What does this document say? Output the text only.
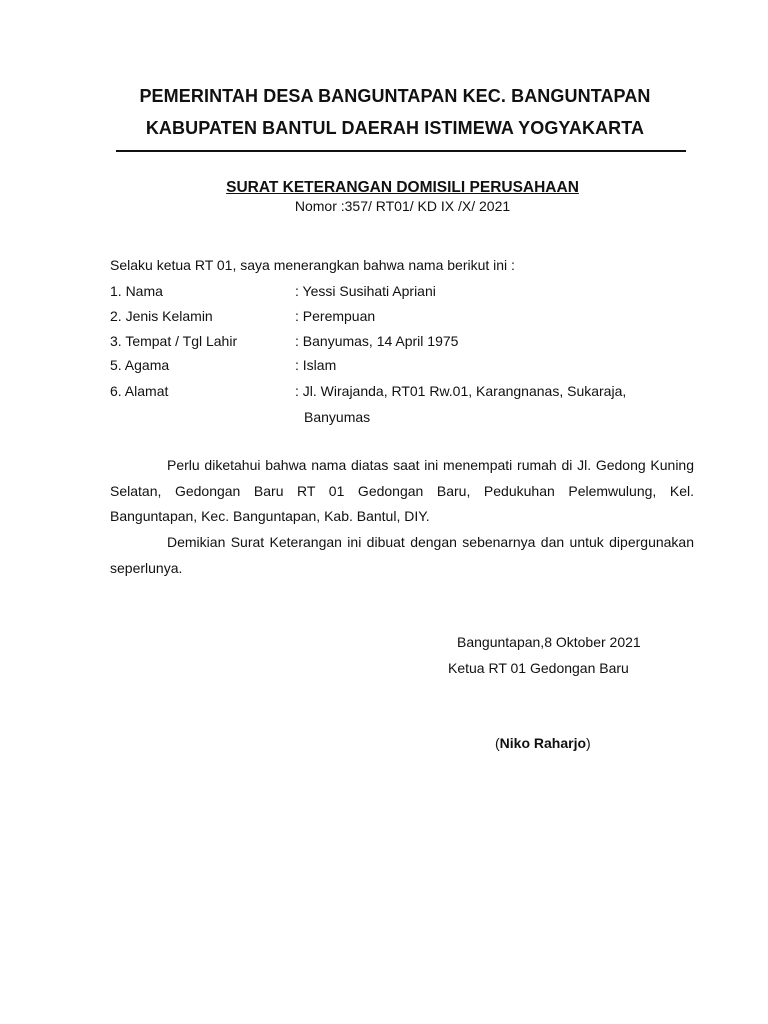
PEMERINTAH DESA BANGUNTAPAN KEC. BANGUNTAPAN
KABUPATEN BANTUL DAERAH ISTIMEWA YOGYAKARTA
SURAT KETERANGAN DOMISILI PERUSAHAAN
Nomor :357/ RT01/ KD IX /X/ 2021
Selaku ketua RT 01, saya menerangkan bahwa nama berikut ini :
1. Nama	: Yessi Susihati Apriani
2. Jenis Kelamin	: Perempuan
3. Tempat / Tgl Lahir	: Banyumas, 14 April 1975
5. Agama	: Islam
6. Alamat	: Jl. Wirajanda, RT01 Rw.01, Karangnanas, Sukaraja,
Banyumas
Perlu diketahui bahwa nama diatas saat ini menempati rumah di Jl. Gedong Kuning Selatan, Gedongan Baru RT 01 Gedongan Baru, Pedukuhan Pelemwulung, Kel. Banguntapan, Kec. Banguntapan, Kab. Bantul, DIY.
Demikian Surat Keterangan ini dibuat dengan sebenarnya dan untuk dipergunakan seperlunya.
Banguntapan,8 Oktober 2021
Ketua RT 01 Gedongan Baru
(Niko Raharjo)
